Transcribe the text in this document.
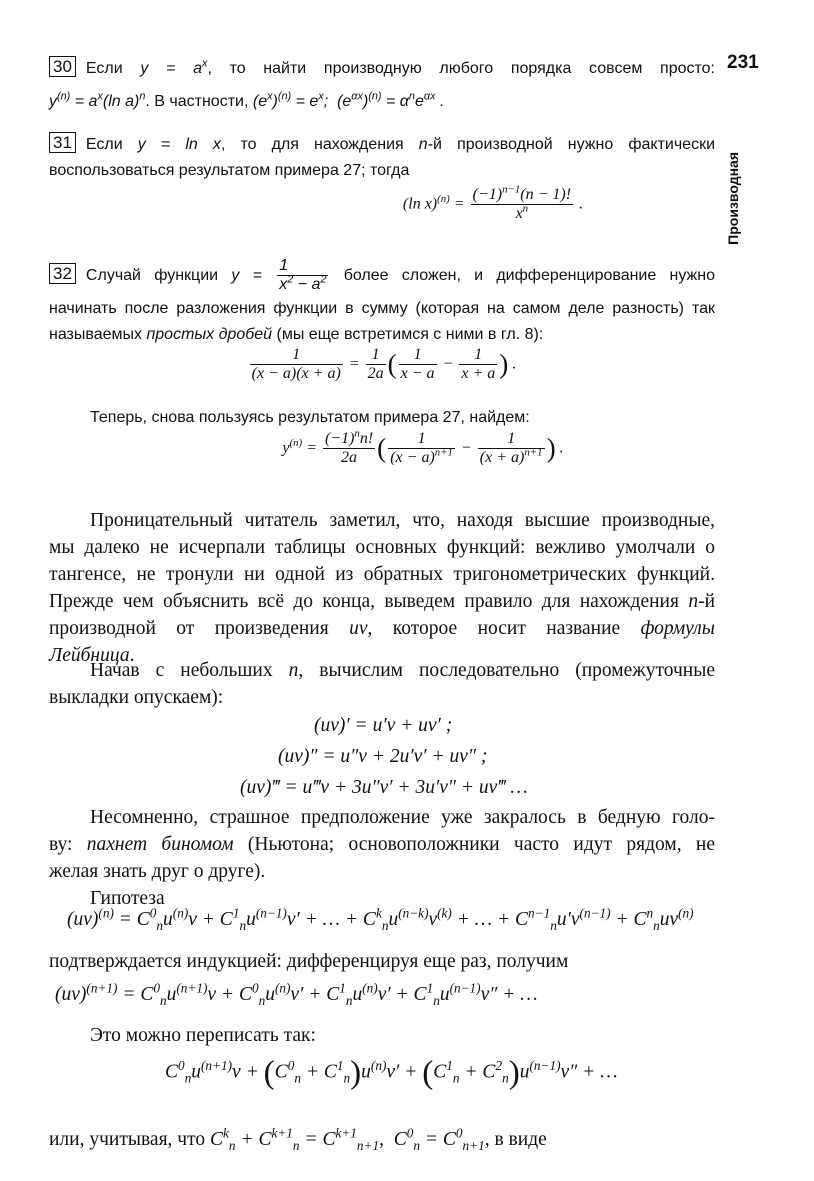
231
Производная

30 Если $y = a^x$, то найти производную любого порядка совсем просто:

$y^{(n)} = a^x(\ln$ a)$^n$. В частности, $(e^x)^{(n)} = e^x$;  $(e^{\alpha x})^{(n)} = \alpha^ne^{\alpha x}$ .

31 Если y = ln x, то для нахождения n-й производной нужно фактически

воспользоваться результатом примера 27; тогда

(ln $x)^{(n)} = \frac{(-1)^{n-1}(n - 1)!}{x^n}$ .

32 Случай функции $y = \frac{1}{x^2 - a^2}$ более сложен, и дифференцирование нужно

начинать после разложения функции в сумму (которая на самом деле разность) так

называемых простых дробей (мы еще встретимся с ними в гл. 8):

$\frac{1}{(x - a)(x + a)} = \frac{1}{2a}$ ( $\frac{1}{x - a} - \frac{1}{x + a}$ ) .

Теперь, снова пользуясь результатом примера 27, найдем:

$y^{(n)} = \frac{(-1)^nn!}{2a}$ ( $\frac{1}{(x - a)^{n+1}} - \frac{1}{(x + a)^{n+1}}$ ) .
Проницательный читатель заметил, что, находя высшие производные,
мы далеко не исчерпали таблицы основных функций: вежливо умолчали о
тангенсе, не тронули ни одной из обратных тригонометрических функций.
Прежде чем объяснить всё до конца, выведем правило для нахождения n-й
производной от произведения uv, которое носит название формулы
Лейбница.
Начав с небольших n, вычислим последовательно (промежуточные
выкладки опускаем):
(uv)′ = u′v + uv′ ;
(uv)″ = u″v + 2u′v′ + uv″ ;
(uv)‴ = u‴v + 3u″v′ + 3u′v″ + uv‴ …
Несомненно, страшное предположение уже закралось в бедную голо-
ву: пахнет биномом (Ньютона; основоположники часто идут рядом, не
желая знать друг о друге).
Гипотеза
$(uv)^{(n)} = C^0_nu^{(n)}v + C^1_nu^{(n-1)}v'$ + … + $C^k_nu^{(n-k)}v^{(k)}$ + … + $C^{n-1}_nu'v^{(n-1)} + C^n_nuv^{(n)}$

подтверждается индукцией: дифференцируя еще раз, получим

$(uv)^{(n+1)} = C^0_nu^{(n+1)}v + C^0_nu^{(n)}v' + C^1_nu^{(n)}v' + C^1_nu^{(n-1)}v''$ + …

Это можно переписать так:

$C^0_nu^{(n+1)}v + (C^0_n + C^1_n)u^{(n)}v' + (C^1_n + C^2_n)u^{(n-1)}v''$ + …

или, учитывая, что $C^k_n + C^{k+1}_n = C^{k+1}_{n+1}$,  $C^0_n = C^0_{n+1}$, в виде
